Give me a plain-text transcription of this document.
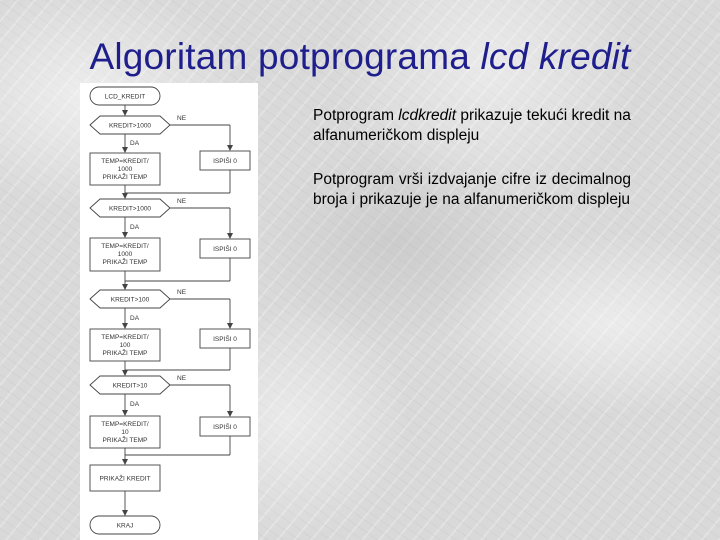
Algoritam potprograma lcd kredit
LCD_KREDIT
KREDIT>1000
TEMP=KREDIT/
1000
PRIKAŽI TEMP
ISPIŠI 0
KREDIT>1000
TEMP=KREDIT/
1000
PRIKAŽI TEMP
ISPIŠI 0
KREDIT>100
TEMP=KREDIT/
100
PRIKAŽI TEMP
ISPIŠI 0
KREDIT>10
TEMP=KREDIT/
10
PRIKAŽI TEMP
ISPIŠI 0
PRIKAŽI KREDIT
KRAJ
NE
DA
NE
DA
NE
DA
NE
DA

Potprogram lcdkredit prikazuje tekući kredit na alfanumeričkom displeju

Potprogram vrši izdvajanje cifre iz decimalnog broja i prikazuje je na alfanumeričkom displeju
